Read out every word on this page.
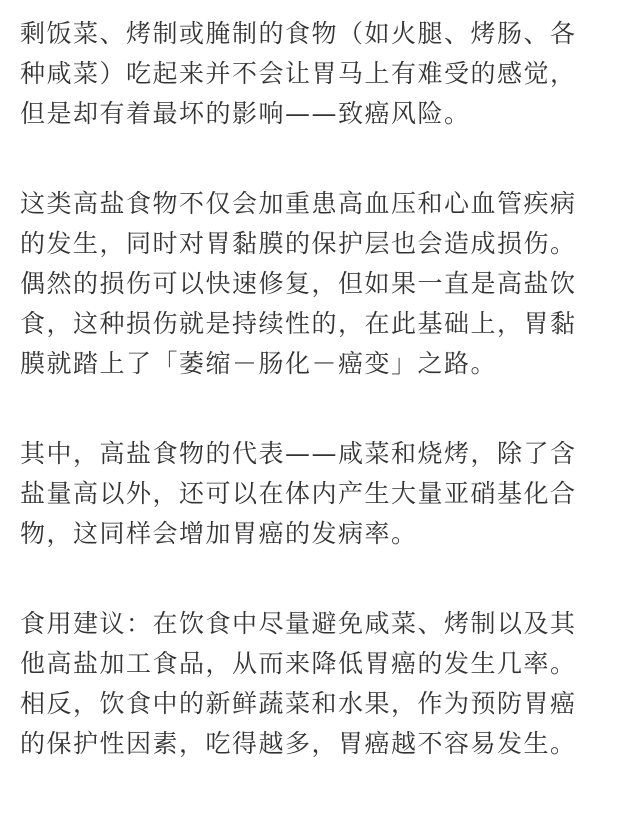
剩饭菜、烤制或腌制的食物（如火腿、烤肠、各
种咸菜）吃起来并不会让胃马上有难受的感觉，
但是却有着最坏的影响——致癌风险。

这类高盐食物不仅会加重患高血压和心血管疾病
的发生，同时对胃黏膜的保护层也会造成损伤。
偶然的损伤可以快速修复，但如果一直是高盐饮
食，这种损伤就是持续性的，在此基础上，胃黏
膜就踏上了「萎缩－肠化－癌变」之路。

其中，高盐食物的代表——咸菜和烧烤，除了含
盐量高以外，还可以在体内产生大量亚硝基化合
物，这同样会增加胃癌的发病率。

食用建议：在饮食中尽量避免咸菜、烤制以及其
他高盐加工食品，从而来降低胃癌的发生几率。
相反，饮食中的新鲜蔬菜和水果，作为预防胃癌
的保护性因素，吃得越多，胃癌越不容易发生。
